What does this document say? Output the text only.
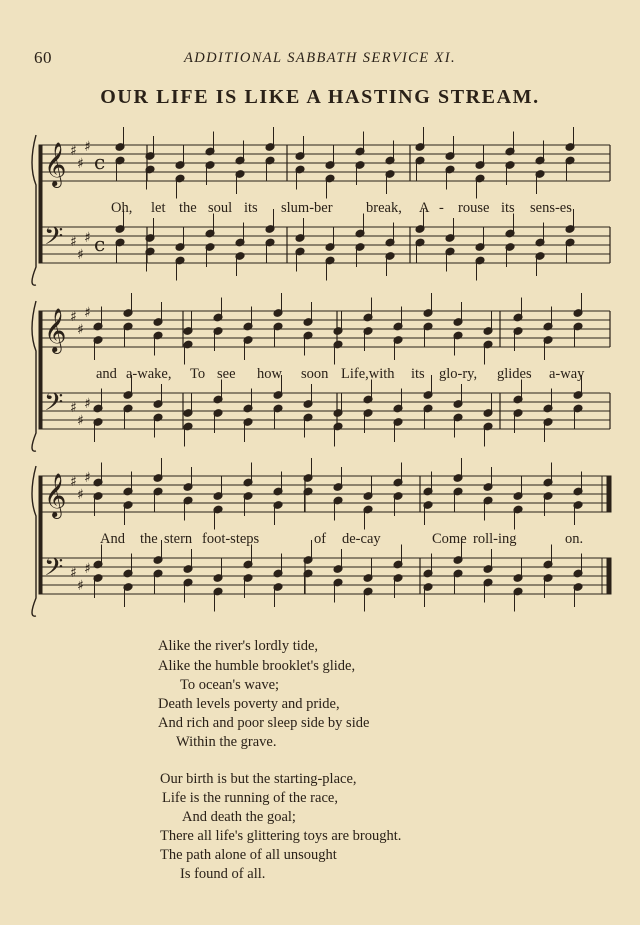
60	ADDITIONAL SABBATH SERVICE XI.
OUR LIFE IS LIKE A HASTING STREAM.
𝄞 ♯
♯
♯
c
𝄢 ♯
♯
♯ c
𝄞 ♯
♯
♯
𝄢 ♯
♯
♯
𝄞 ♯
♯
♯
𝄢 ♯
♯
♯
Oh, let the soul its slum-ber break, A - rouse its sens-es
and a-wake, To see how soon Life,with its glo-ry, glides a-way
And the stern foot-steps	of de-cay	Come roll-ing	on.
Alike the river's lordly tide,
Alike the humble brooklet's glide,
To ocean's wave;
Death levels poverty and pride,
And rich and poor sleep side by side
Within the grave.
Our birth is but the starting-place,
Life is the running of the race,
And death the goal;
There all life's glittering toys are brought.
The path alone of all unsought
Is found of all.
